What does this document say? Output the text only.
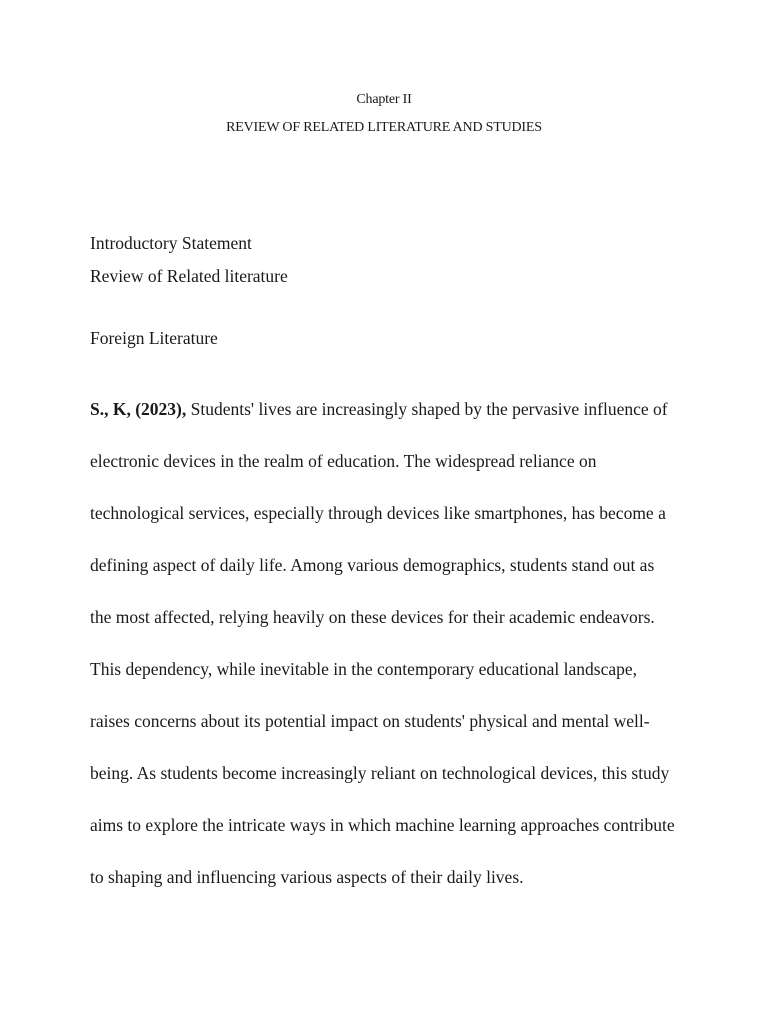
Chapter II
REVIEW OF RELATED LITERATURE AND STUDIES
Introductory Statement
Review of Related literature
Foreign Literature
S., K, (2023), Students' lives are increasingly shaped by the pervasive influence of
electronic devices in the realm of education. The widespread reliance on
technological services, especially through devices like smartphones, has become a
defining aspect of daily life. Among various demographics, students stand out as
the most affected, relying heavily on these devices for their academic endeavors.
This dependency, while inevitable in the contemporary educational landscape,
raises concerns about its potential impact on students' physical and mental well-
being. As students become increasingly reliant on technological devices, this study
aims to explore the intricate ways in which machine learning approaches contribute
to shaping and influencing various aspects of their daily lives.
